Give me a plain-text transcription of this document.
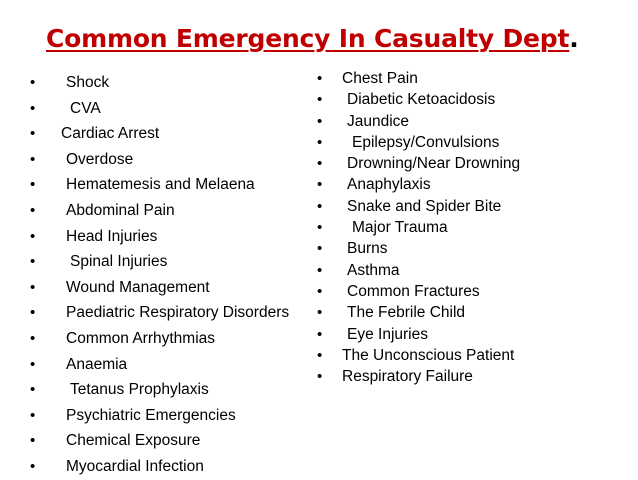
Common Emergency In Casualty Dept.
• Shock
• CVA
• Cardiac Arrest
• Overdose
• Hematemesis and Melaena
• Abdominal Pain
• Head Injuries
• Spinal Injuries
• Wound Management
• Paediatric Respiratory Disorders
• Common Arrhythmias
• Anaemia
• Tetanus Prophylaxis
• Psychiatric Emergencies
• Chemical Exposure
• Myocardial Infection
• Chest Pain
• Diabetic Ketoacidosis
• Jaundice
• Epilepsy/Convulsions
• Drowning/Near Drowning
• Anaphylaxis
• Snake and Spider Bite
• Major Trauma
• Burns
• Asthma
• Common Fractures
• The Febrile Child
• Eye Injuries
• The Unconscious Patient
• Respiratory Failure
